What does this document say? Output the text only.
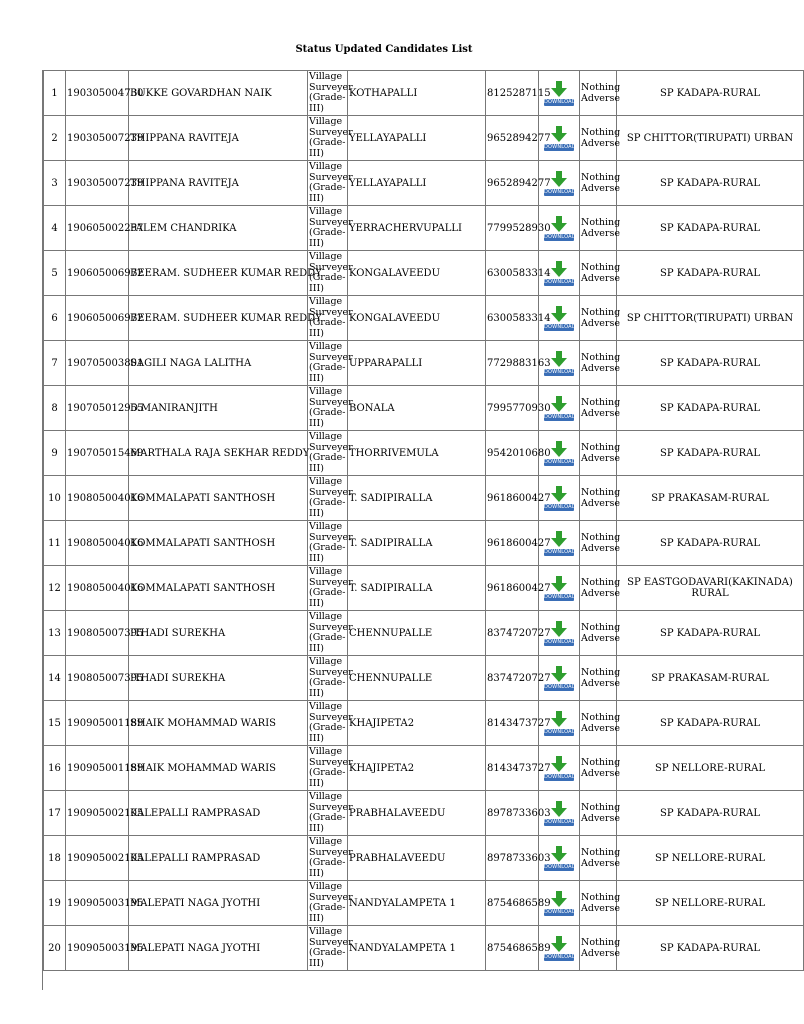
Status Updated Candidates List
1	190305004730	BUKKE GOVARDHAN NAIK	Village Surveyer (Grade-III)	KOTHAPALLI	8125287115	DOWNLOAD	Nothing Adverse	SP KADAPA-RURAL
2	190305007239	THIPPANA RAVITEJA	Village Surveyer (Grade-III)	YELLAYAPALLI	9652894277	DOWNLOAD	Nothing Adverse	SP CHITTOR(TIRUPATI) URBAN
3	190305007239	THIPPANA RAVITEJA	Village Surveyer (Grade-III)	YELLAYAPALLI	9652894277	DOWNLOAD	Nothing Adverse	SP KADAPA-RURAL
4	190605002257	PALEM CHANDRIKA	Village Surveyer (Grade-III)	YERRACHERVUPALLI	7799528930	DOWNLOAD	Nothing Adverse	SP KADAPA-RURAL
5	190605006972	BEERAM. SUDHEER KUMAR REDDY	Village Surveyer (Grade-III)	KONGALAVEEDU	6300583314	DOWNLOAD	Nothing Adverse	SP KADAPA-RURAL
6	190605006972	BEERAM. SUDHEER KUMAR REDDY	Village Surveyer (Grade-III)	KONGALAVEEDU	6300583314	DOWNLOAD	Nothing Adverse	SP CHITTOR(TIRUPATI) URBAN
7	190705003801	SAGILI NAGA LALITHA	Village Surveyer (Grade-III)	UPPARAPALLI	7729883163	DOWNLOAD	Nothing Adverse	SP KADAPA-RURAL
8	190705012955	D.MANIRANJITH	Village Surveyer (Grade-III)	BONALA	7995770930	DOWNLOAD	Nothing Adverse	SP KADAPA-RURAL
9	190705015469	MARTHALA RAJA SEKHAR REDDY	Village Surveyer (Grade-III)	THORRIVEMULA	9542010680	DOWNLOAD	Nothing Adverse	SP KADAPA-RURAL
10	190805004016	KOMMALAPATI SANTHOSH	Village Surveyer (Grade-III)	T. SADIPIRALLA	9618600427	DOWNLOAD	Nothing Adverse	SP PRAKASAM-RURAL
11	190805004016	KOMMALAPATI SANTHOSH	Village Surveyer (Grade-III)	T. SADIPIRALLA	9618600427	DOWNLOAD	Nothing Adverse	SP KADAPA-RURAL
12	190805004016	KOMMALAPATI SANTHOSH	Village Surveyer (Grade-III)	T. SADIPIRALLA	9618600427	DOWNLOAD	Nothing Adverse	SP EASTGODAVARI(KAKINADA) RURAL
13	190805007395	ITHADI SUREKHA	Village Surveyer (Grade-III)	CHENNUPALLE	8374720727	DOWNLOAD	Nothing Adverse	SP KADAPA-RURAL
14	190805007395	ITHADI SUREKHA	Village Surveyer (Grade-III)	CHENNUPALLE	8374720727	DOWNLOAD	Nothing Adverse	SP PRAKASAM-RURAL
15	190905001189	SHAIK MOHAMMAD WARIS	Village Surveyer (Grade-III)	KHAJIPETA2	8143473727	DOWNLOAD	Nothing Adverse	SP KADAPA-RURAL
16	190905001189	SHAIK MOHAMMAD WARIS	Village Surveyer (Grade-III)	KHAJIPETA2	8143473727	DOWNLOAD	Nothing Adverse	SP NELLORE-RURAL
17	190905002105	KALEPALLI RAMPRASAD	Village Surveyer (Grade-III)	PRABHALAVEEDU	8978733603	DOWNLOAD	Nothing Adverse	SP KADAPA-RURAL
18	190905002105	KALEPALLI RAMPRASAD	Village Surveyer (Grade-III)	PRABHALAVEEDU	8978733603	DOWNLOAD	Nothing Adverse	SP NELLORE-RURAL
19	190905003195	MALEPATI NAGA JYOTHI	Village Surveyer (Grade-III)	NANDYALAMPETA 1	8754686589	DOWNLOAD	Nothing Adverse	SP NELLORE-RURAL
20	190905003195	MALEPATI NAGA JYOTHI	Village Surveyer (Grade-III)	NANDYALAMPETA 1	8754686589	DOWNLOAD	Nothing Adverse	SP KADAPA-RURAL
